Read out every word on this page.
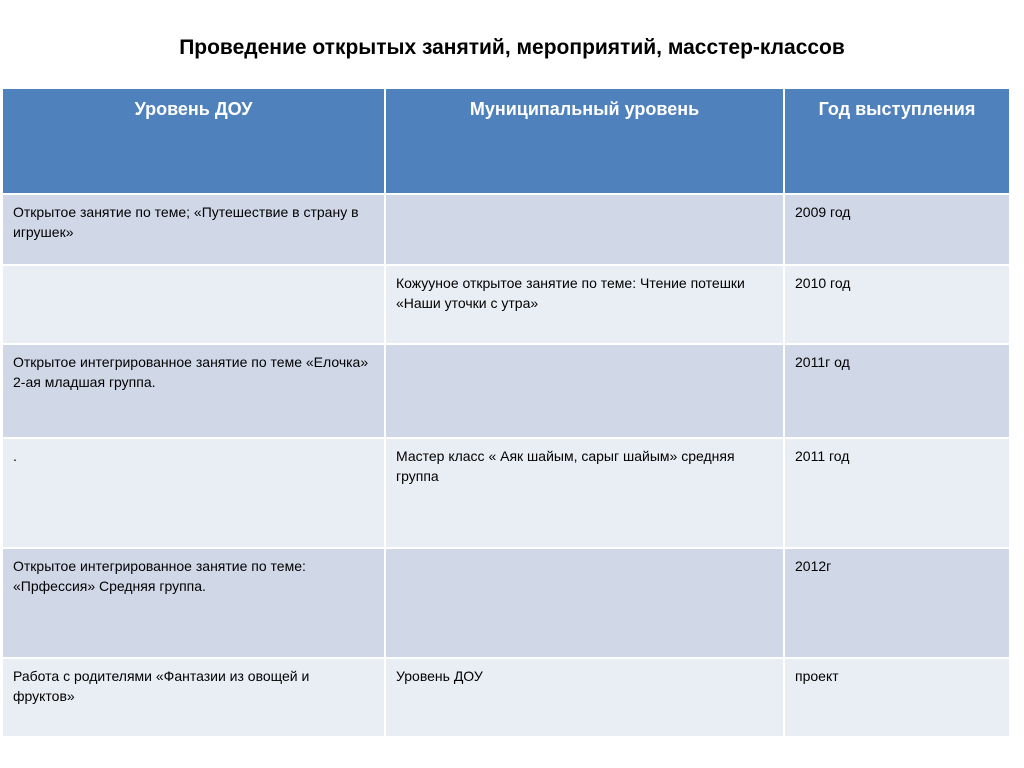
Проведение открытых занятий, мероприятий, масстер-классов
Уровень ДОУ	Муниципальный уровень	Год выступления
Открытое занятие по теме; «Путешествие в страну в игрушек»		2009 год
	Кожууное открытое занятие по теме: Чтение потешки «Наши уточки с утра»	2010 год
Открытое интегрированное занятие по теме «Елочка» 2-ая младшая группа.		2011г од
.	Мастер класс « Аяк шайым, сарыг шайым» средняя группа	2011 год
Открытое интегрированное занятие по теме: «Прфессия» Средняя группа.		2012г
Работа с родителями «Фантазии из овощей и фруктов»	Уровень ДОУ	проект
